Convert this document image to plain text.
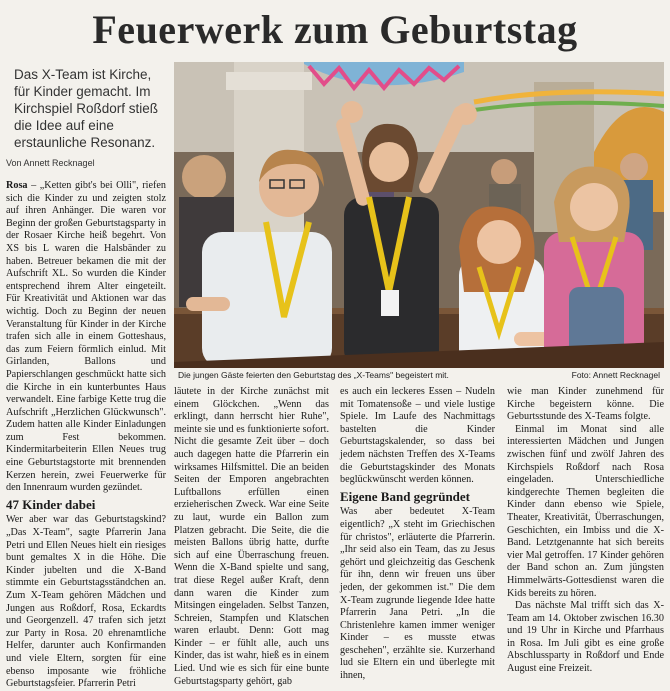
Feuerwerk zum Geburtstag
Das X-Team ist Kirche, für Kinder gemacht. Im Kirchspiel Roßdorf stieß die Idee auf eine erstaunliche Resonanz.
Von Annett Recknagel
Die jungen Gäste feierten den Geburtstag des „X-Teams" begeistert mit.	Foto: Annett Recknagel

Rosa – „Ketten gibt's bei Olli", riefen sich die Kinder zu und zeigten stolz auf ihren Anhänger. Die waren vor Beginn der großen Geburtstagsparty in der Rosaer Kirche heiß begehrt. Von XS bis L waren die Halsbänder zu haben. Betreuer bekamen die mit der Aufschrift XL. So wurden die Kinder entsprechend ihrem Alter eingeteilt. Für Kreativität und Aktionen war das wichtig. Doch zu Beginn der neuen Veranstaltung für Kinder in der Kirche trafen sich alle in einem Gotteshaus, das zum Feiern förmlich einlud. Mit Girlanden, Ballons und Papierschlangen geschmückt hatte sich die Kirche in ein kunterbuntes Haus verwandelt. Eine farbige Kette trug die Aufschrift „Herzlichen Glückwunsch". Zudem hatten alle Kinder Einladungen zum Fest bekommen. Kindermitarbeiterin Ellen Neues trug eine Geburtstagstorte mit brennenden Kerzen herein, zwei Feuerwerke für den Innenraum wurden gezündet.

47 Kinder dabei

Wer aber war das Geburtstagskind? „Das X-Team", sagte Pfarrerin Jana Petri und Ellen Neues hielt ein riesiges bunt gemaltes X in die Höhe. Die Kinder jubelten und die X-Band stimmte ein Geburtstagsständchen an. Zum X-Team gehören Mädchen und Jungen aus Roßdorf, Rosa, Eckardts und Georgenzell. 47 trafen sich jetzt zur Party in Rosa. 20 ehrenamtliche Helfer, darunter auch Konfirmanden und viele Eltern, sorgten für eine ebenso imposante wie fröhliche Geburtstagsfeier. Pfarrerin Petri

läutete in der Kirche zunächst mit einem Glöckchen. „Wenn das erklingt, dann herrscht hier Ruhe", meinte sie und es funktionierte sofort. Nicht die gesamte Zeit über – doch auch dagegen hatte die Pfarrerin ein wirksames Hilfsmittel. Die an beiden Seiten der Emporen angebrachten Luftballons erfüllen einen erzieherischen Zweck. War eine Seite zu laut, wurde ein Ballon zum Platzen gebracht. Die Seite, die die meisten Ballons übrig hatte, durfte sich auf eine Überraschung freuen. Wenn die X-Band spielte und sang, trat diese Regel außer Kraft, denn dann waren die Kinder zum Mitsingen eingeladen. Selbst Tanzen, Schreien, Stampfen und Klatschen waren erlaubt. Denn: Gott mag Kinder – er fühlt alle, auch uns Kinder, das ist wahr, hieß es in einem Lied. Und wie es sich für eine bunte Geburtstagsparty gehört, gab

es auch ein leckeres Essen – Nudeln mit Tomatensoße – und viele lustige Spiele. Im Laufe des Nachmittags bastelten die Kinder Geburtstagskalender, so dass bei jedem nächsten Treffen des X-Teams die Geburtstagskinder des Monats beglückwünscht werden können.

Eigene Band gegründet

Was aber bedeutet X-Team eigentlich? „X steht im Griechischen für christos", erläuterte die Pfarrerin. „Ihr seid also ein Team, das zu Jesus gehört und gleichzeitig das Geschenk für ihn, denn wir freuen uns über jeden, der gekommen ist." Die dem X-Team zugrunde liegende Idee hatte Pfarrerin Jana Petri. „In die Christenlehre kamen immer weniger Kinder – es musste etwas geschehen", erzählte sie. Kurzerhand lud sie Eltern ein und überlegte mit ihnen,

wie man Kinder zunehmend für Kirche begeistern könne. Die Geburtsstunde des X-Teams folgte.

Einmal im Monat sind alle interessierten Mädchen und Jungen zwischen fünf und zwölf Jahren des Kirchspiels Roßdorf nach Rosa eingeladen. Unterschiedliche kindgerechte Themen begleiten die Kinder dann ebenso wie Spiele, Theater, Kreativität, Überraschungen, Geschichten, ein Imbiss und die X-Band. Letztgenannte hat sich bereits vier Mal getroffen. 17 Kinder gehören der Band schon an. Zum jüngsten Himmelwärts-Gottesdienst waren die Kids bereits zu hören.

Das nächste Mal trifft sich das X-Team am 14. Oktober zwischen 16.30 und 19 Uhr in Kirche und Pfarrhaus in Rosa. Im Juli gibt es eine große Abschlussparty in Roßdorf und Ende August eine Freizeit.
